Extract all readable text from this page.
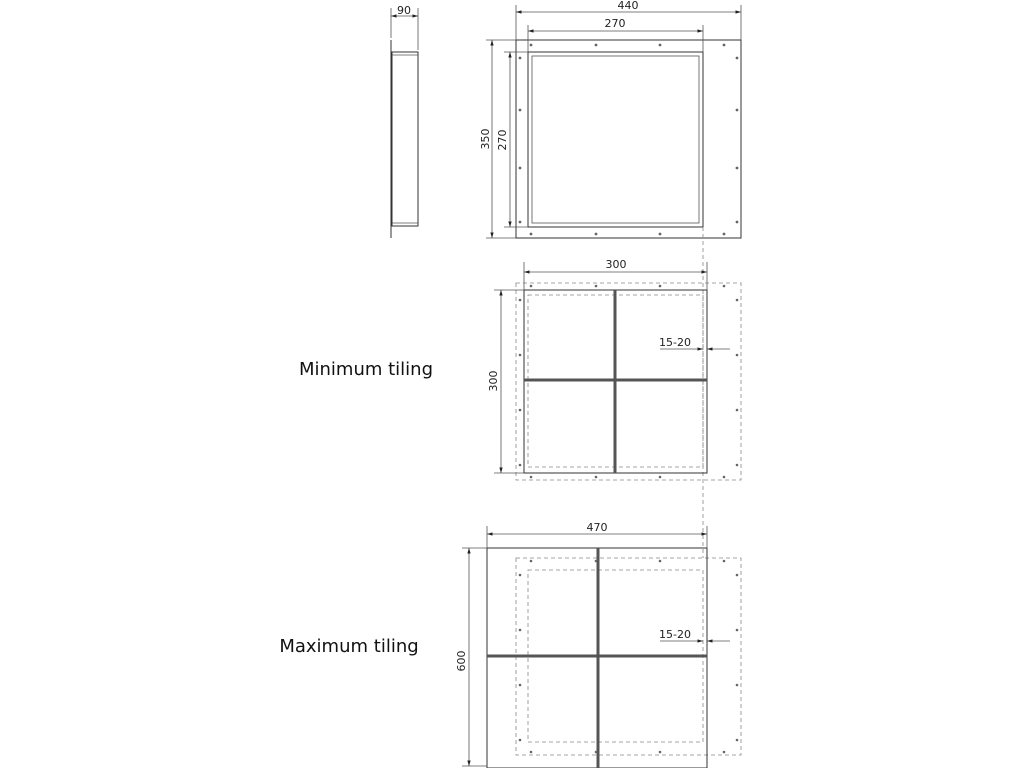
90	440
270
350 270
300
300
15-20
Minimum tiling
470
600
15-20
Maximum tiling
